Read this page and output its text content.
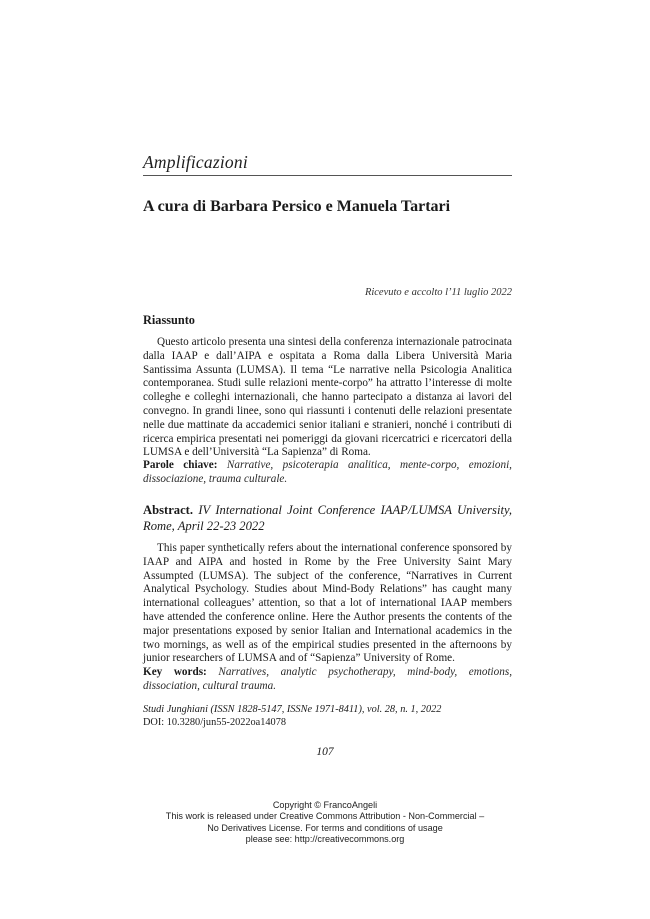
Amplificazioni
A cura di Barbara Persico e Manuela Tartari
Ricevuto e accolto l’11 luglio 2022
Riassunto

Questo articolo presenta una sintesi della conferenza internazionale patrocinata dalla IAAP e dall’AIPA e ospitata a Roma dalla Libera Università Maria Santissima Assunta (LUMSA). Il tema “Le narrative nella Psicologia Analitica contemporanea. Studi sulle relazioni mente-corpo” ha attratto l’interesse di molte colleghe e colleghi internazionali, che hanno partecipato a distanza ai lavori del convegno. In grandi linee, sono qui riassunti i contenuti delle relazioni presentate nelle due mattinate da accademici senior italiani e stranieri, nonché i contributi di ricerca empirica presentati nei pomeriggi da giovani ricercatrici e ricercatori della LUMSA e dell’Università “La Sapienza” di Roma.

Parole chiave: Narrative, psicoterapia analitica, mente-corpo, emozioni, dissociazione, trauma culturale.
Abstract. IV International Joint Conference IAAP/LUMSA University, Rome, April 22-23 2022

This paper synthetically refers about the international conference sponsored by IAAP and AIPA and hosted in Rome by the Free University Saint Mary Assumpted (LUMSA). The subject of the conference, “Narratives in Current Analytical Psychology. Studies about Mind-Body Relations” has caught many international colleagues’ attention, so that a lot of international IAAP members have attended the conference online. Here the Author presents the contents of the major presentations exposed by senior Italian and International academics in the two mornings, as well as of the empirical studies presented in the afternoons by junior researchers of LUMSA and of “Sapienza” University of Rome.

Key words: Narratives, analytic psychotherapy, mind-body, emotions, dissociation, cultural trauma.
Studi Junghiani (ISSN 1828-5147, ISSNe 1971-8411), vol. 28, n. 1, 2022
DOI: 10.3280/jun55-2022oa14078
107
Copyright © FrancoAngeli
This work is released under Creative Commons Attribution - Non-Commercial –
No Derivatives License. For terms and conditions of usage
please see: http://creativecommons.org
